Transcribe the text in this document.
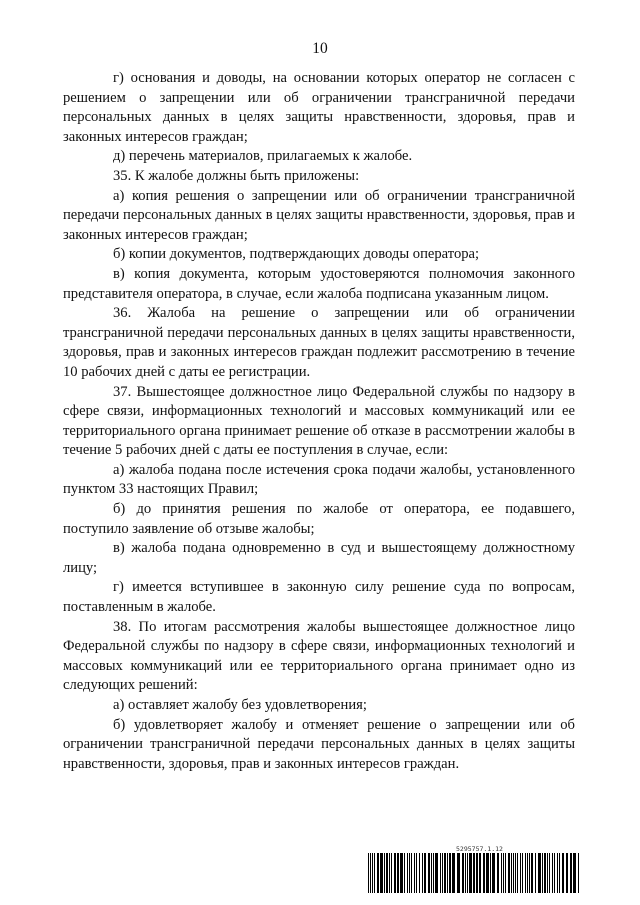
10

г) основания и доводы, на основании которых оператор не согласен с решением о запрещении или об ограничении трансграничной передачи персональных данных в целях защиты нравственности, здоровья, прав и законных интересов граждан;

д) перечень материалов, прилагаемых к жалобе.

35. К жалобе должны быть приложены:

а) копия решения о запрещении или об ограничении трансграничной передачи персональных данных в целях защиты нравственности, здоровья, прав и законных интересов граждан;

б) копии документов, подтверждающих доводы оператора;

в) копия документа, которым удостоверяются полномочия законного представителя оператора, в случае, если жалоба подписана указанным лицом.

36. Жалоба на решение о запрещении или об ограничении трансграничной передачи персональных данных в целях защиты нравственности, здоровья, прав и законных интересов граждан подлежит рассмотрению в течение 10 рабочих дней с даты ее регистрации.

37. Вышестоящее должностное лицо Федеральной службы по надзору в сфере связи, информационных технологий и массовых коммуникаций или ее территориального органа принимает решение об отказе в рассмотрении жалобы в течение 5 рабочих дней с даты ее поступления в случае, если:

а) жалоба подана после истечения срока подачи жалобы, установленного пунктом 33 настоящих Правил;

б) до принятия решения по жалобе от оператора, ее подавшего, поступило заявление об отзыве жалобы;

в) жалоба подана одновременно в суд и вышестоящему должностному лицу;

г) имеется вступившее в законную силу решение суда по вопросам, поставленным в жалобе.

38. По итогам рассмотрения жалобы вышестоящее должностное лицо Федеральной службы по надзору в сфере связи, информационных технологий и массовых коммуникаций или ее территориального органа принимает одно из следующих решений:

а) оставляет жалобу без удовлетворения;

б) удовлетворяет жалобу и отменяет решение о запрещении или об ограничении трансграничной передачи персональных данных в целях защиты нравственности, здоровья, прав и законных интересов граждан.

5295757.1.12
